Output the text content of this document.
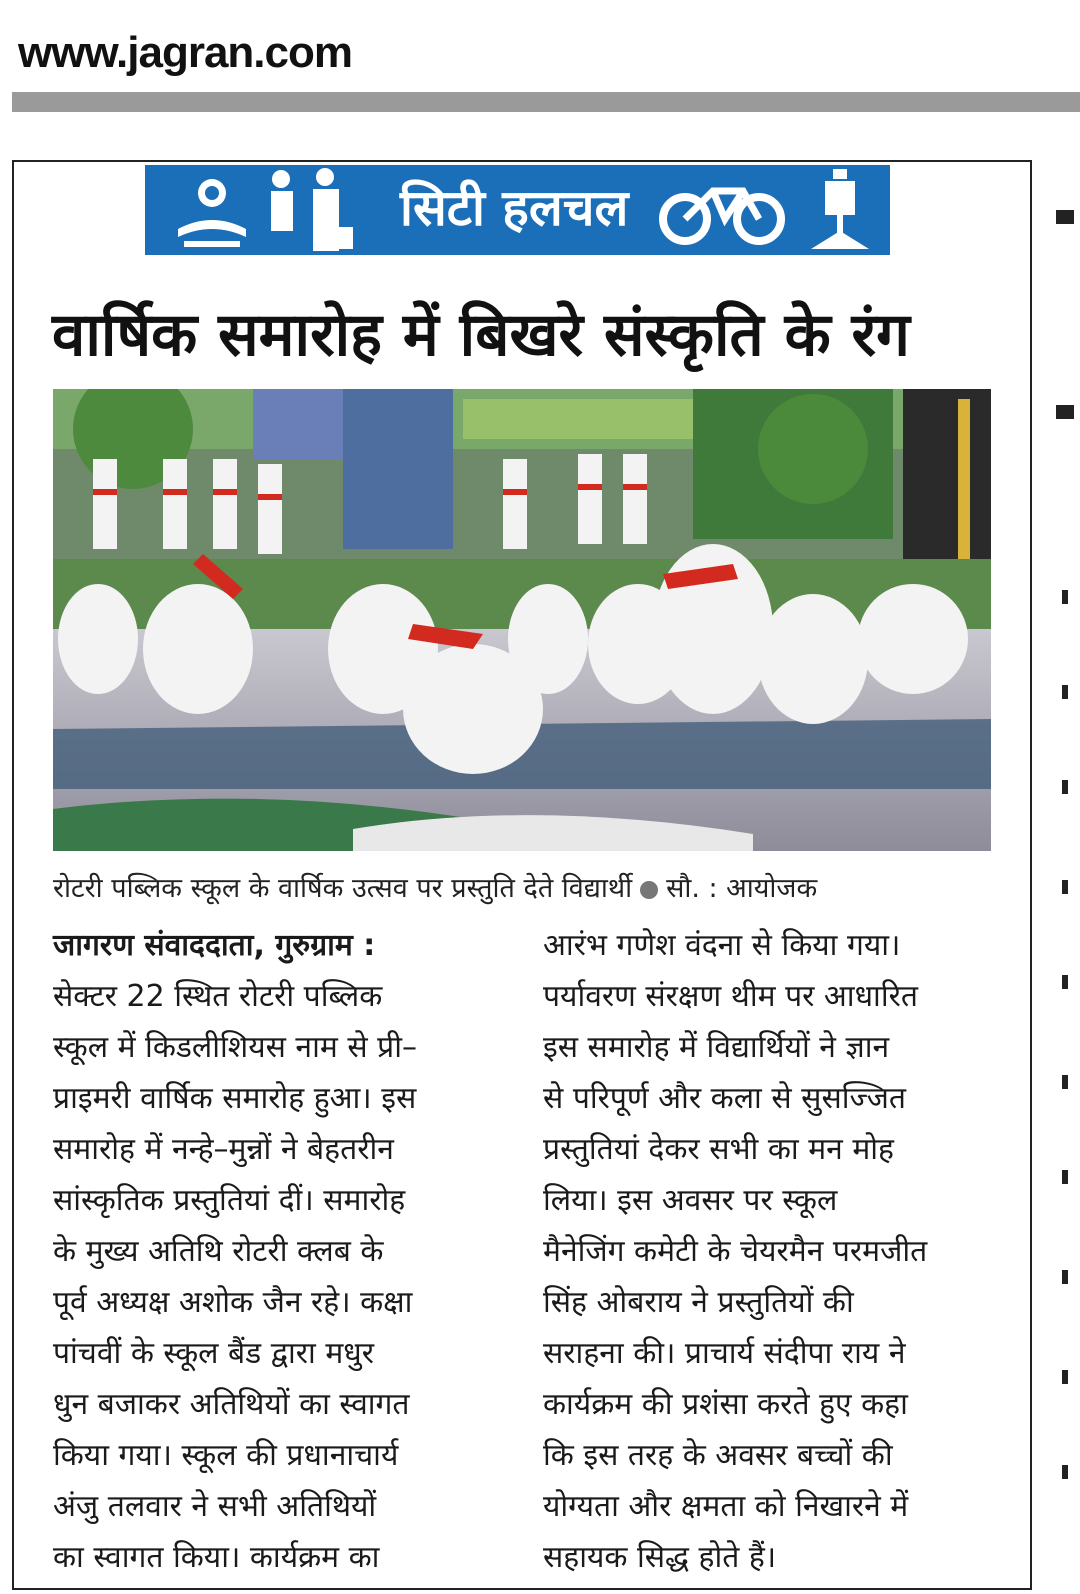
www.jagran.com
सिटी हलचल
वार्षिक समारोह में बिखरे संस्कृति के रंग
रोटरी पब्लिक स्कूल के वार्षिक उत्सव पर प्रस्तुति देते विद्यार्थी सौ. : आयोजक

जागरण संवाददाता, गुरुग्राम :

सेक्टर 22 स्थित रोटरी पब्लिक

स्कूल में किडलीशियस नाम से प्री–

प्राइमरी वार्षिक समारोह हुआ। इस

समारोह में नन्हे–मुन्नों ने बेहतरीन

सांस्कृतिक प्रस्तुतियां दीं। समारोह

के मुख्य अतिथि रोटरी क्लब के

पूर्व अध्यक्ष अशोक जैन रहे। कक्षा

पांचवीं के स्कूल बैंड द्वारा मधुर

धुन बजाकर अतिथियों का स्वागत

किया गया। स्कूल की प्रधानाचार्य

अंजु तलवार ने सभी अतिथियों

का स्वागत किया। कार्यक्रम का

आरंभ गणेश वंदना से किया गया।

पर्यावरण संरक्षण थीम पर आधारित

इस समारोह में विद्यार्थियों ने ज्ञान

से परिपूर्ण और कला से सुसज्जित

प्रस्तुतियां देकर सभी का मन मोह

लिया। इस अवसर पर स्कूल

मैनेजिंग कमेटी के चेयरमैन परमजीत

सिंह ओबराय ने प्रस्तुतियों की

सराहना की। प्राचार्य संदीपा राय ने

कार्यक्रम की प्रशंसा करते हुए कहा

कि इस तरह के अवसर बच्चों की

योग्यता और क्षमता को निखारने में

सहायक सिद्ध होते हैं।
